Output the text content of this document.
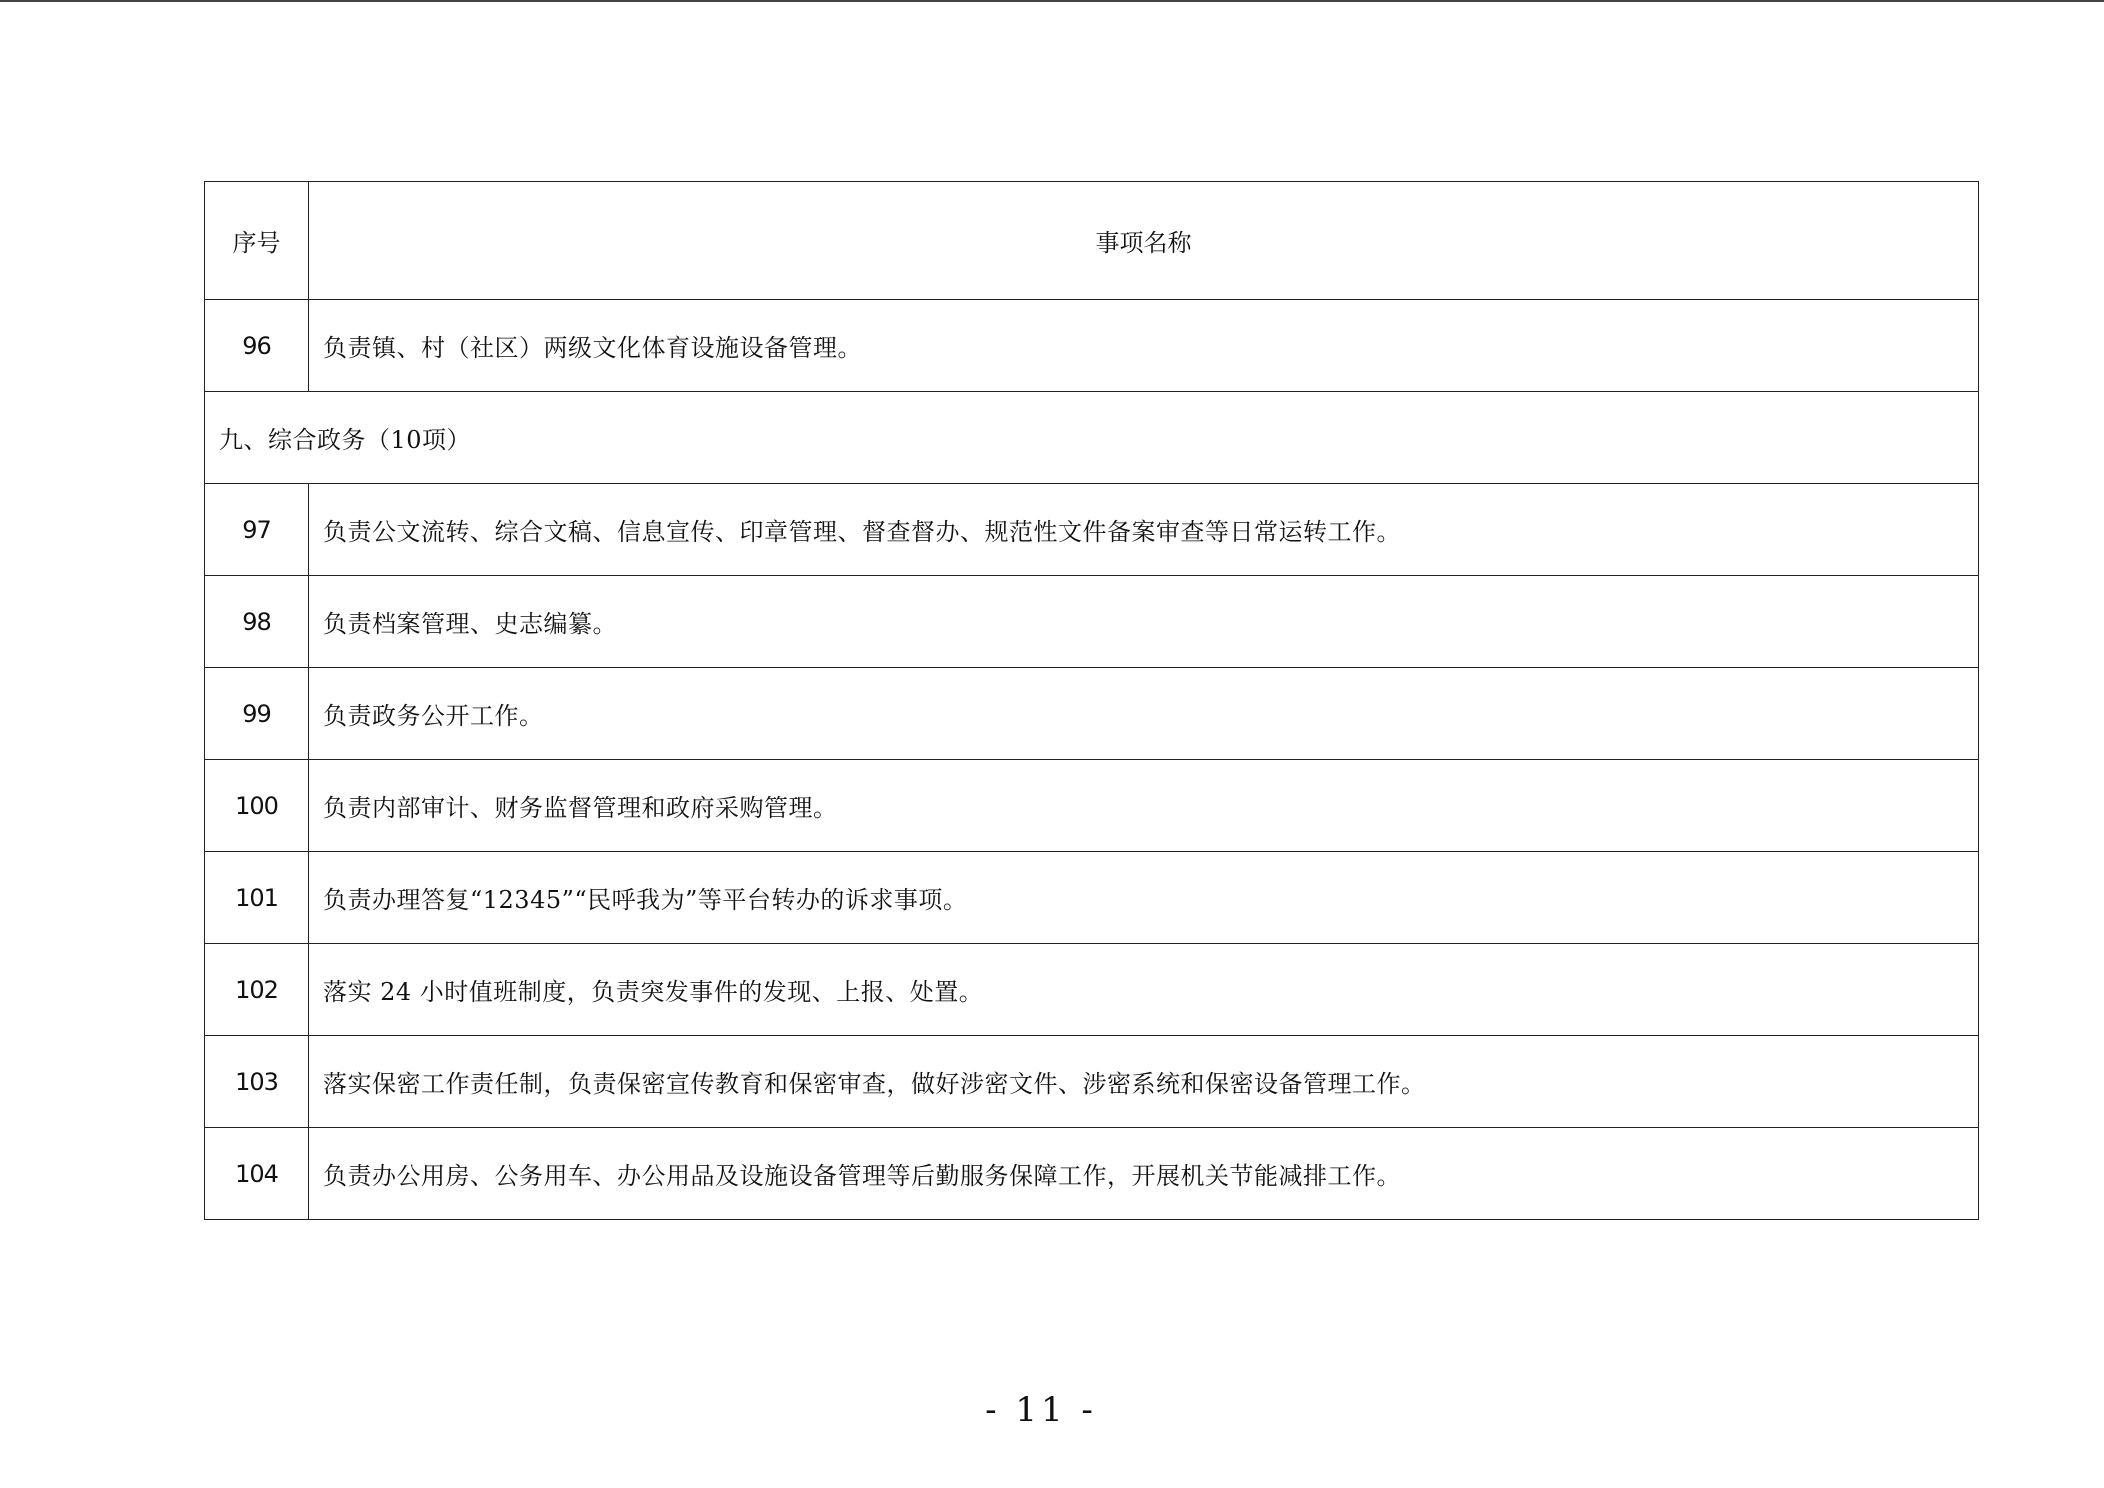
序号	事项名称
96	负责镇、村（社区）两级文化体育设施设备管理。
九、综合政务（10项）	
97	负责公文流转、综合文稿、信息宣传、印章管理、督查督办、规范性文件备案审查等日常运转工作。
98	负责档案管理、史志编纂。
99	负责政务公开工作。
100	负责内部审计、财务监督管理和政府采购管理。
101	负责办理答复“12345”“民呼我为”等平台转办的诉求事项。
102	落实 24 小时值班制度，负责突发事件的发现、上报、处置。
103	落实保密工作责任制，负责保密宣传教育和保密审查，做好涉密文件、涉密系统和保密设备管理工作。
104	负责办公用房、公务用车、办公用品及设施设备管理等后勤服务保障工作，开展机关节能减排工作。
- 11 -
